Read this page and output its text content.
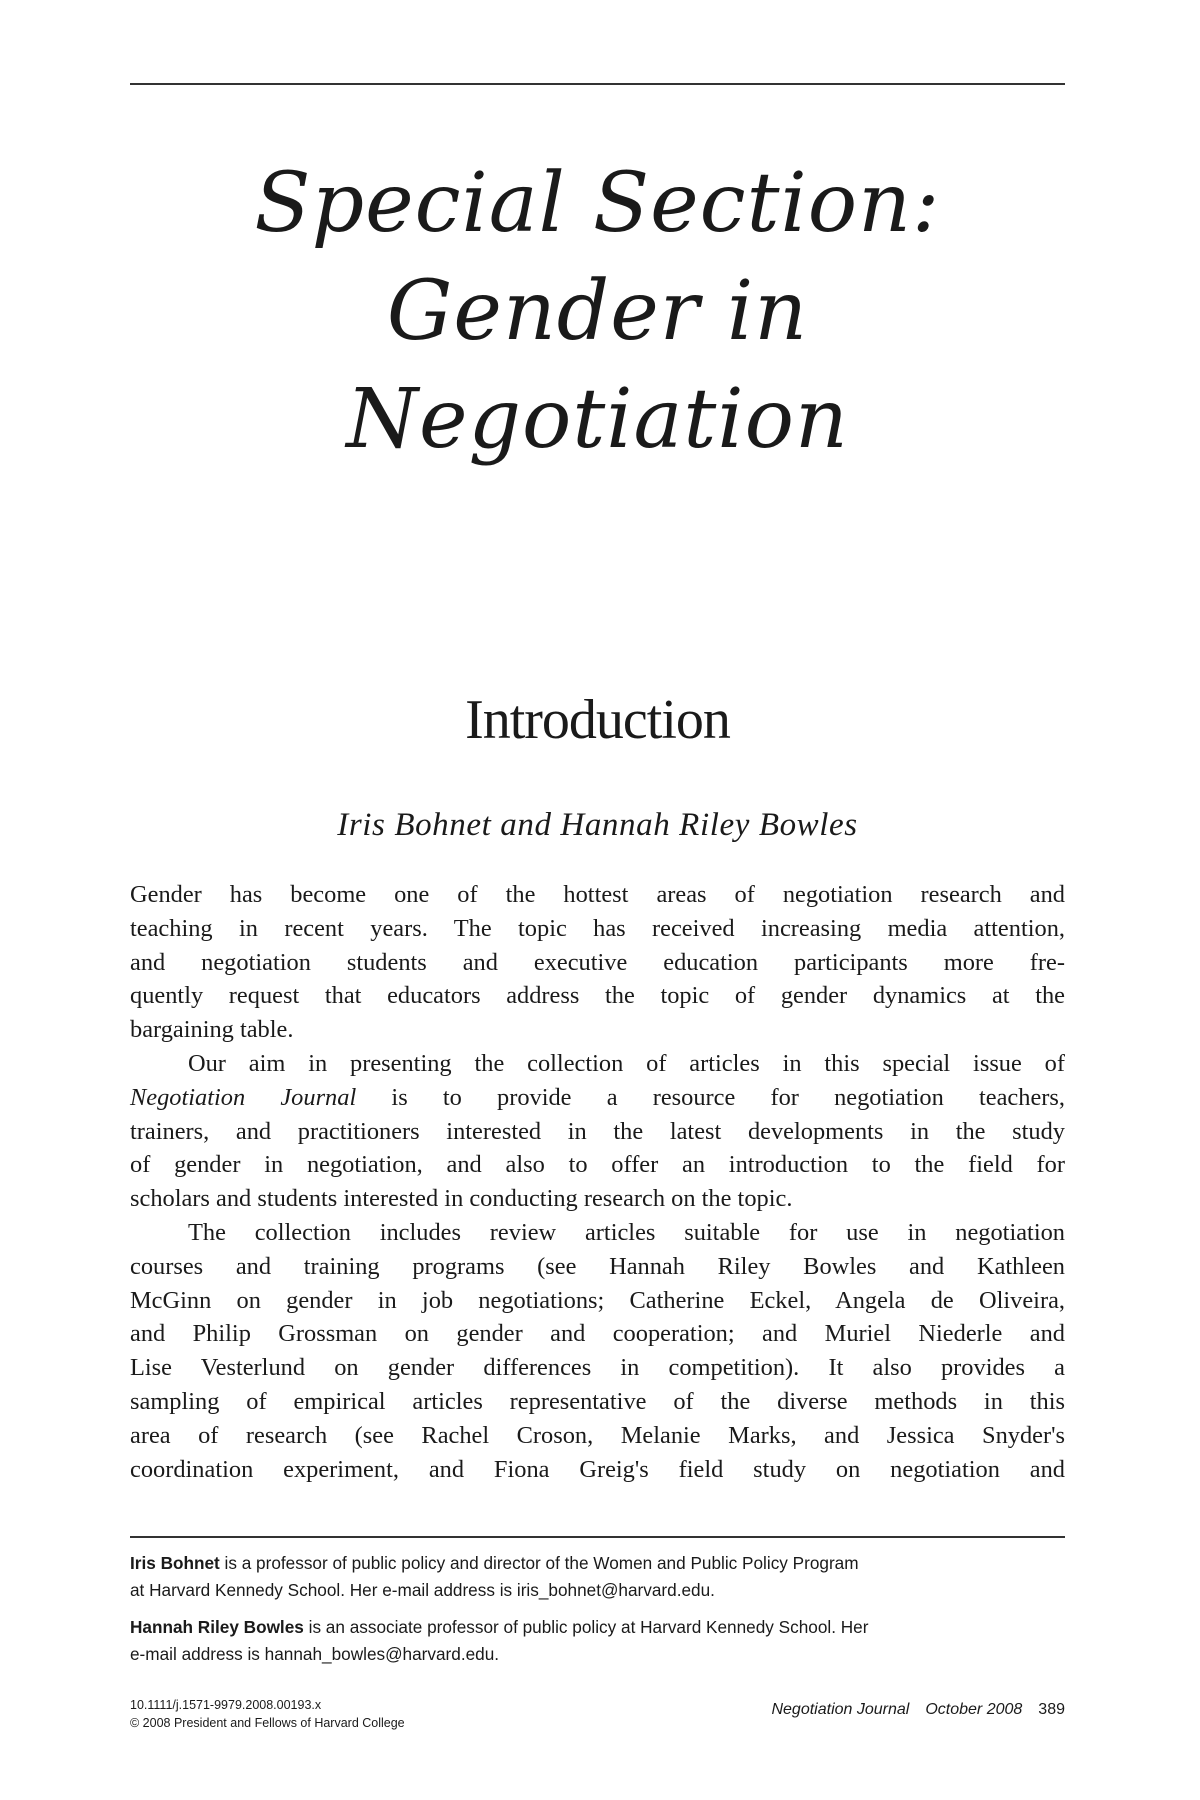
Special Section:
Gender in
Negotiation
Introduction
Iris Bohnet and Hannah Riley Bowles
Gender has become one of the hottest areas of negotiation research and
teaching in recent years. The topic has received increasing media attention,
and negotiation students and executive education participants more fre-
quently request that educators address the topic of gender dynamics at the
bargaining table.
Our aim in presenting the collection of articles in this special issue of
Negotiation Journal is to provide a resource for negotiation teachers,
trainers, and practitioners interested in the latest developments in the study
of gender in negotiation, and also to offer an introduction to the field for
scholars and students interested in conducting research on the topic.
The collection includes review articles suitable for use in negotiation
courses and training programs (see Hannah Riley Bowles and Kathleen
McGinn on gender in job negotiations; Catherine Eckel, Angela de Oliveira,
and Philip Grossman on gender and cooperation; and Muriel Niederle and
Lise Vesterlund on gender differences in competition). It also provides a
sampling of empirical articles representative of the diverse methods in this
area of research (see Rachel Croson, Melanie Marks, and Jessica Snyder's
coordination experiment, and Fiona Greig's field study on negotiation and
Iris Bohnet is a professor of public policy and director of the Women and Public Policy Program
at Harvard Kennedy School. Her e-mail address is iris_bohnet@harvard.edu.
Hannah Riley Bowles is an associate professor of public policy at Harvard Kennedy School. Her
e-mail address is hannah_bowles@harvard.edu.
10.1111/j.1571-9979.2008.00193.x
© 2008 President and Fellows of Harvard College
Negotiation Journal October 2008 389
